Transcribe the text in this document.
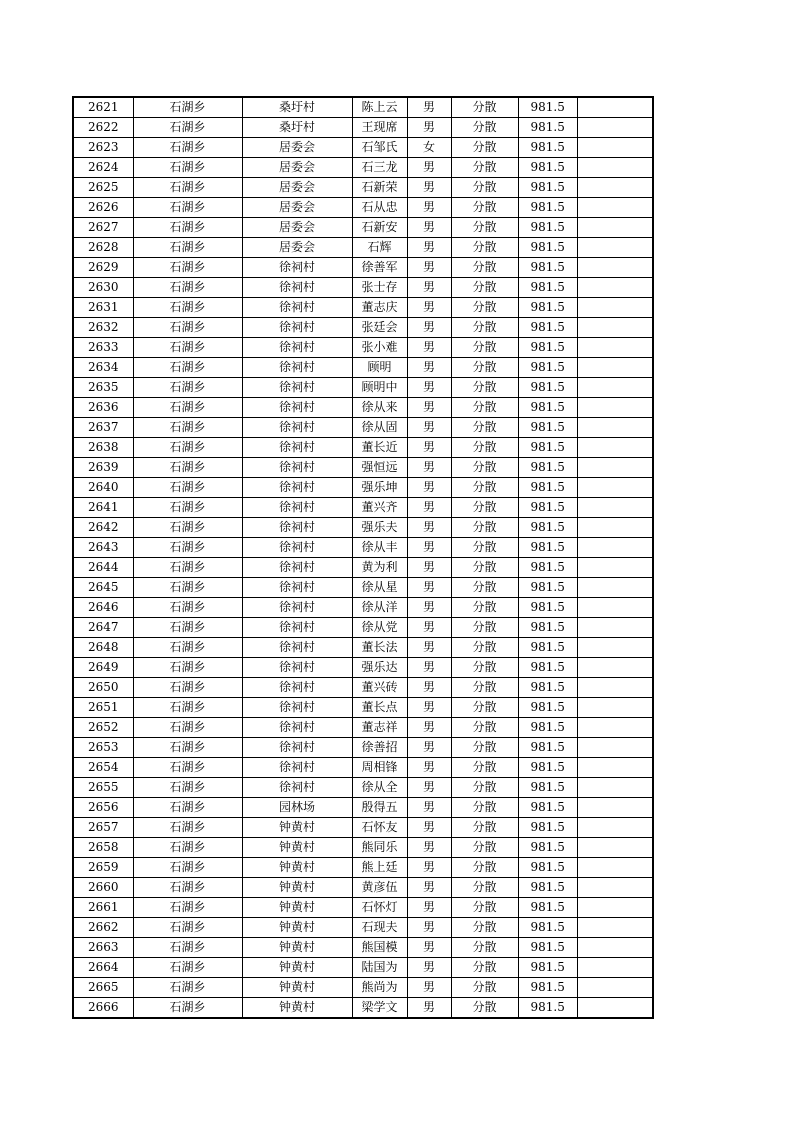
2621	石湖乡	桑圩村	陈上云	男	分散	981.5	
2622	石湖乡	桑圩村	王现席	男	分散	981.5	
2623	石湖乡	居委会	石邹氏	女	分散	981.5	
2624	石湖乡	居委会	石三龙	男	分散	981.5	
2625	石湖乡	居委会	石新荣	男	分散	981.5	
2626	石湖乡	居委会	石从忠	男	分散	981.5	
2627	石湖乡	居委会	石新安	男	分散	981.5	
2628	石湖乡	居委会	石辉	男	分散	981.5	
2629	石湖乡	徐祠村	徐善军	男	分散	981.5	
2630	石湖乡	徐祠村	张士存	男	分散	981.5	
2631	石湖乡	徐祠村	董志庆	男	分散	981.5	
2632	石湖乡	徐祠村	张廷会	男	分散	981.5	
2633	石湖乡	徐祠村	张小难	男	分散	981.5	
2634	石湖乡	徐祠村	顾明	男	分散	981.5	
2635	石湖乡	徐祠村	顾明中	男	分散	981.5	
2636	石湖乡	徐祠村	徐从来	男	分散	981.5	
2637	石湖乡	徐祠村	徐从固	男	分散	981.5	
2638	石湖乡	徐祠村	董长近	男	分散	981.5	
2639	石湖乡	徐祠村	强恒远	男	分散	981.5	
2640	石湖乡	徐祠村	强乐坤	男	分散	981.5	
2641	石湖乡	徐祠村	董兴齐	男	分散	981.5	
2642	石湖乡	徐祠村	强乐夫	男	分散	981.5	
2643	石湖乡	徐祠村	徐从丰	男	分散	981.5	
2644	石湖乡	徐祠村	黄为利	男	分散	981.5	
2645	石湖乡	徐祠村	徐从星	男	分散	981.5	
2646	石湖乡	徐祠村	徐从洋	男	分散	981.5	
2647	石湖乡	徐祠村	徐从党	男	分散	981.5	
2648	石湖乡	徐祠村	董长法	男	分散	981.5	
2649	石湖乡	徐祠村	强乐达	男	分散	981.5	
2650	石湖乡	徐祠村	董兴砖	男	分散	981.5	
2651	石湖乡	徐祠村	董长点	男	分散	981.5	
2652	石湖乡	徐祠村	董志祥	男	分散	981.5	
2653	石湖乡	徐祠村	徐善招	男	分散	981.5	
2654	石湖乡	徐祠村	周相锋	男	分散	981.5	
2655	石湖乡	徐祠村	徐从全	男	分散	981.5	
2656	石湖乡	园林场	殷得五	男	分散	981.5	
2657	石湖乡	钟黄村	石怀友	男	分散	981.5	
2658	石湖乡	钟黄村	熊同乐	男	分散	981.5	
2659	石湖乡	钟黄村	熊上廷	男	分散	981.5	
2660	石湖乡	钟黄村	黄彦伍	男	分散	981.5	
2661	石湖乡	钟黄村	石怀灯	男	分散	981.5	
2662	石湖乡	钟黄村	石现夫	男	分散	981.5	
2663	石湖乡	钟黄村	熊国模	男	分散	981.5	
2664	石湖乡	钟黄村	陆国为	男	分散	981.5	
2665	石湖乡	钟黄村	熊尚为	男	分散	981.5	
2666	石湖乡	钟黄村	梁学文	男	分散	981.5	
